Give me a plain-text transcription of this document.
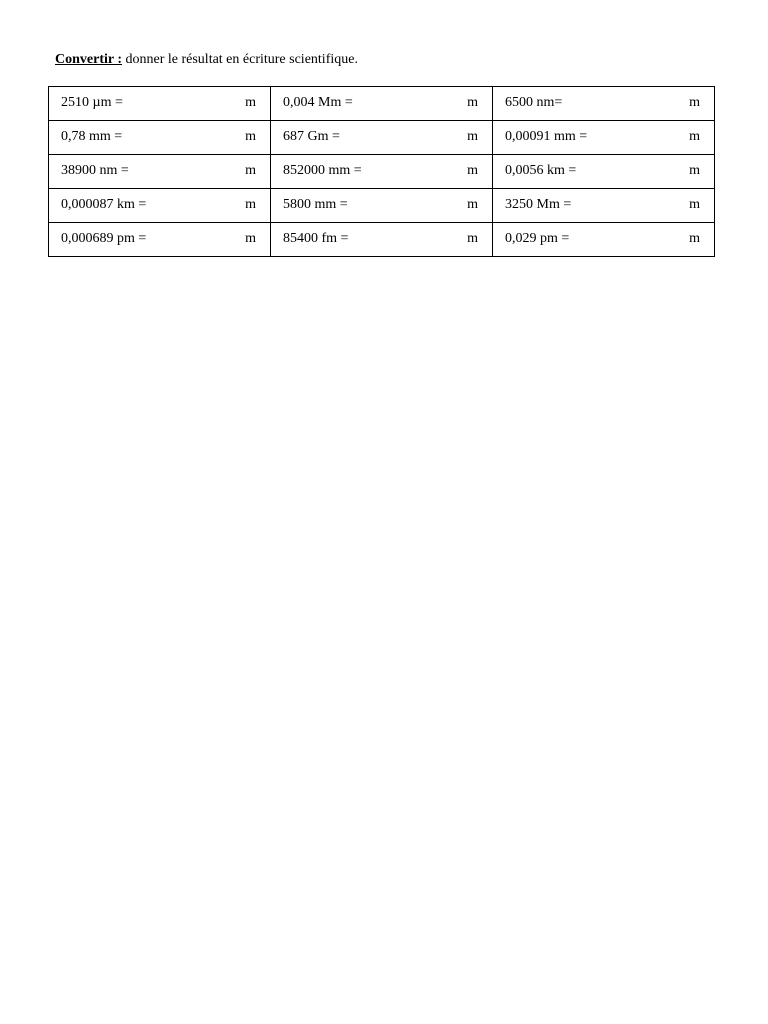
Convertir : donner le résultat en écriture scientifique.
2510 µm = m	0,004 Mm = m	6500 nm= m

0,78 mm = m	687 Gm = m	0,00091 mm = m

38900 nm = m	852000 mm = m	0,0056 km = m

0,000087 km = m	5800 mm = m	3250 Mm = m

0,000689 pm = m	85400 fm = m	0,029 pm = m
